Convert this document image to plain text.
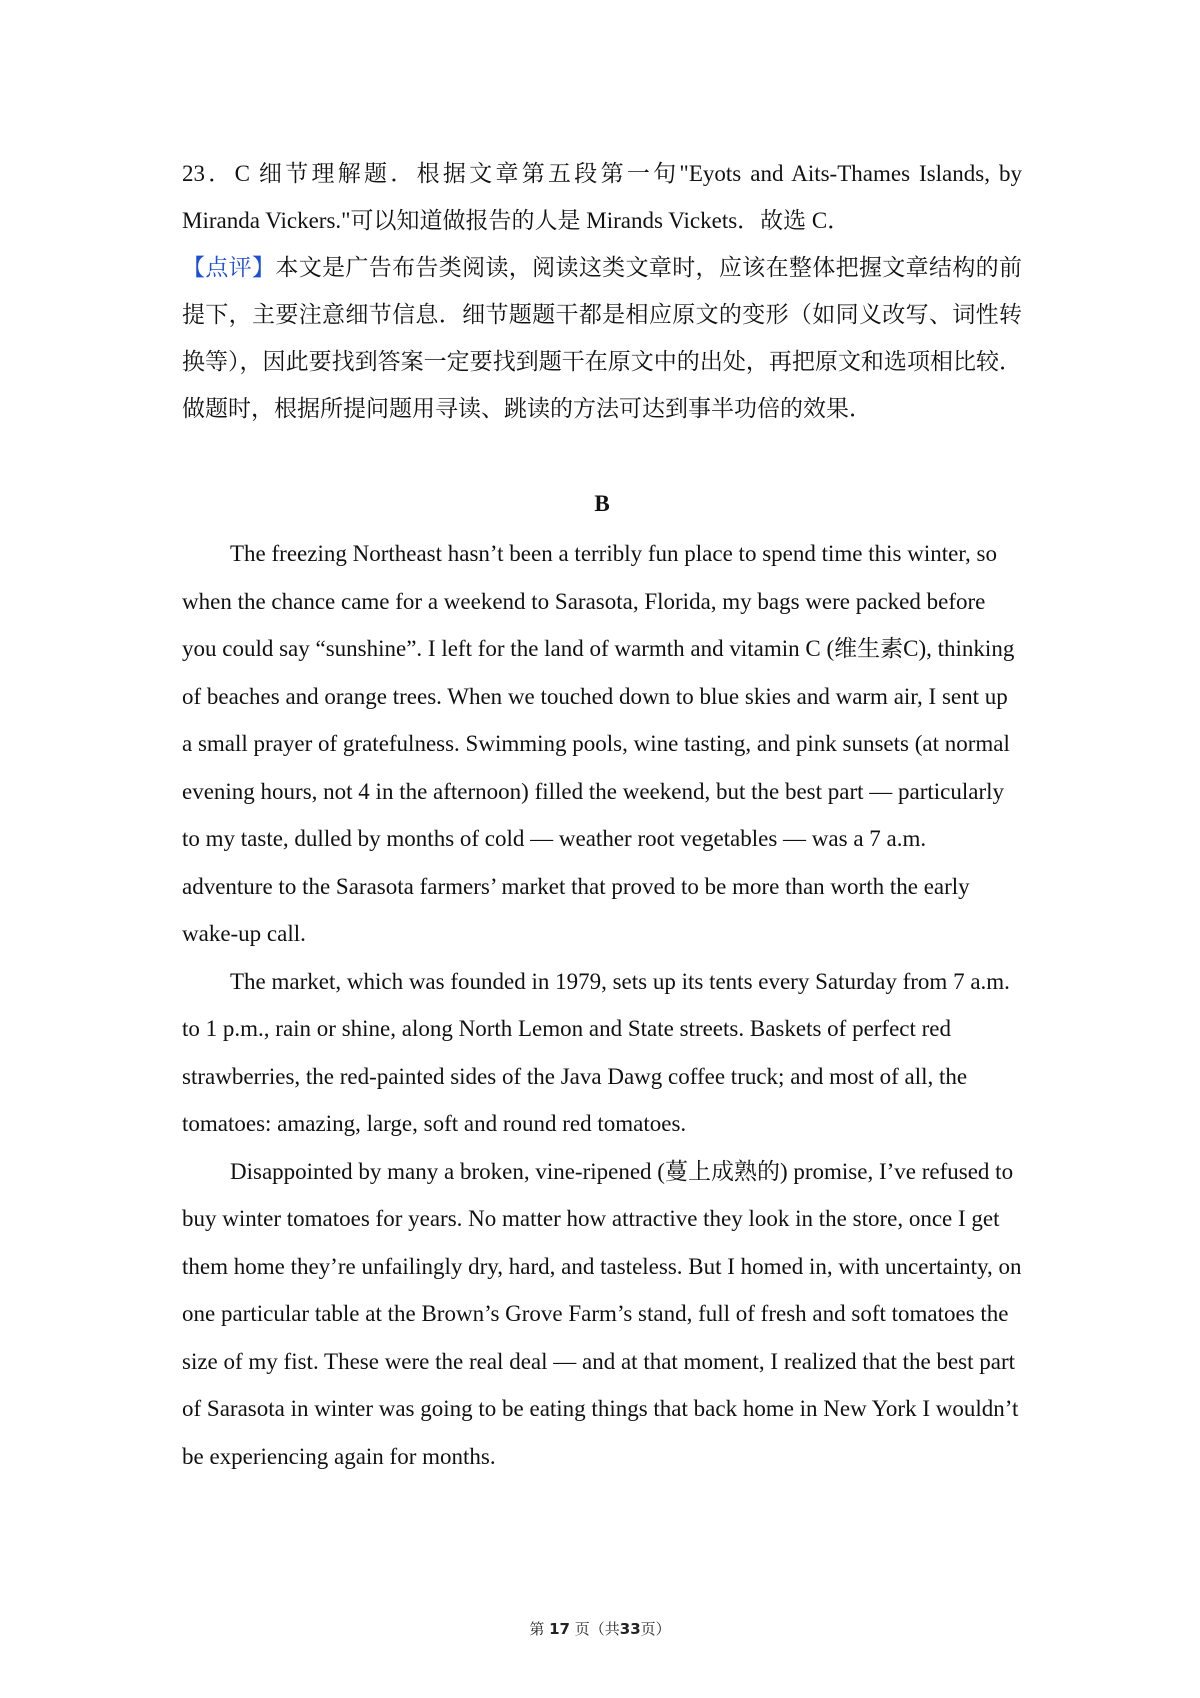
23．C 细节理解题．根据文章第五段第一句"Eyots and Aits-Thames Islands, by Miranda Vickers."可以知道做报告的人是 Mirands Vickets．故选 C．

【点评】本文是广告布告类阅读，阅读这类文章时，应该在整体把握文章结构的前提下，主要注意细节信息．细节题题干都是相应原文的变形（如同义改写、词性转换等），因此要找到答案一定要找到题干在原文中的出处，再把原文和选项相比较．做题时，根据所提问题用寻读、跳读的方法可达到事半功倍的效果．

B

The freezing Northeast hasn’t been a terribly fun place to spend time this winter, so when the chance came for a weekend to Sarasota, Florida, my bags were packed before you could say “sunshine”. I left for the land of warmth and vitamin C (维生素C), thinking of beaches and orange trees. When we touched down to blue skies and warm air, I sent up a small prayer of gratefulness. Swimming pools, wine tasting, and pink sunsets (at normal evening hours, not 4 in the afternoon) filled the weekend, but the best part — particularly to my taste, dulled by months of cold — weather root vegetables — was a 7 a.m. adventure to the Sarasota farmers’ market that proved to be more than worth the early wake-up call.

The market, which was founded in 1979, sets up its tents every Saturday from 7 a.m. to 1 p.m., rain or shine, along North Lemon and State streets. Baskets of perfect red strawberries, the red-painted sides of the Java Dawg coffee truck; and most of all, the tomatoes: amazing, large, soft and round red tomatoes.

Disappointed by many a broken, vine-ripened (蔓上成熟的) promise, I’ve refused to buy winter tomatoes for years. No matter how attractive they look in the store, once I get them home they’re unfailingly dry, hard, and tasteless. But I homed in, with uncertainty, on one particular table at the Brown’s Grove Farm’s stand, full of fresh and soft tomatoes the size of my fist. These were the real deal — and at that moment, I realized that the best part of Sarasota in winter was going to be eating things that back home in New York I wouldn’t be experiencing again for months.

第 17 页（共33页）
